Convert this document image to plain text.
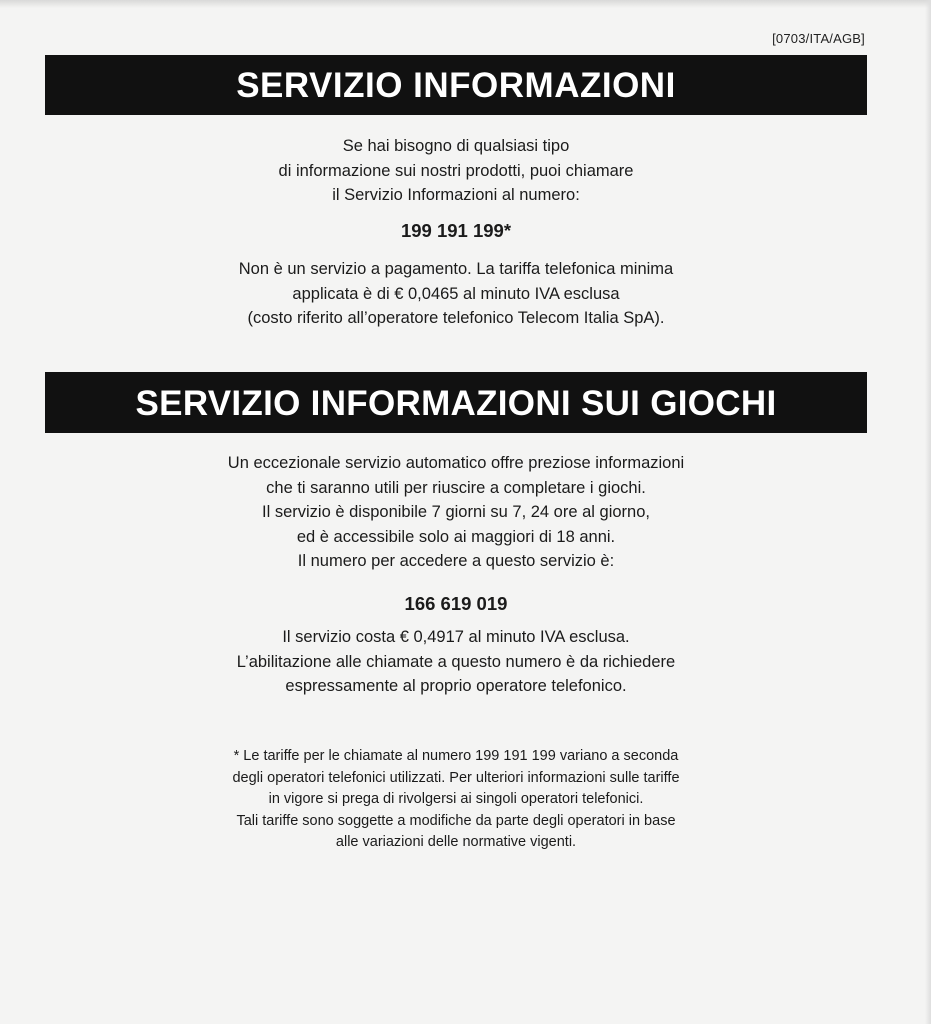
[0703/ITA/AGB]
SERVIZIO INFORMAZIONI
Se hai bisogno di qualsiasi tipo
di informazione sui nostri prodotti, puoi chiamare
il Servizio Informazioni al numero:
199 191 199*
Non è un servizio a pagamento. La tariffa telefonica minima
applicata è di € 0,0465 al minuto IVA esclusa
(costo riferito all’operatore telefonico Telecom Italia SpA).
SERVIZIO INFORMAZIONI SUI GIOCHI
Un eccezionale servizio automatico offre preziose informazioni
che ti saranno utili per riuscire a completare i giochi.
Il servizio è disponibile 7 giorni su 7, 24 ore al giorno,
ed è accessibile solo ai maggiori di 18 anni.
Il numero per accedere a questo servizio è:
166 619 019
Il servizio costa € 0,4917 al minuto IVA esclusa.
L’abilitazione alle chiamate a questo numero è da richiedere
espressamente al proprio operatore telefonico.
* Le tariffe per le chiamate al numero 199 191 199 variano a seconda
degli operatori telefonici utilizzati. Per ulteriori informazioni sulle tariffe
in vigore si prega di rivolgersi ai singoli operatori telefonici.
Tali tariffe sono soggette a modifiche da parte degli operatori in base
alle variazioni delle normative vigenti.
